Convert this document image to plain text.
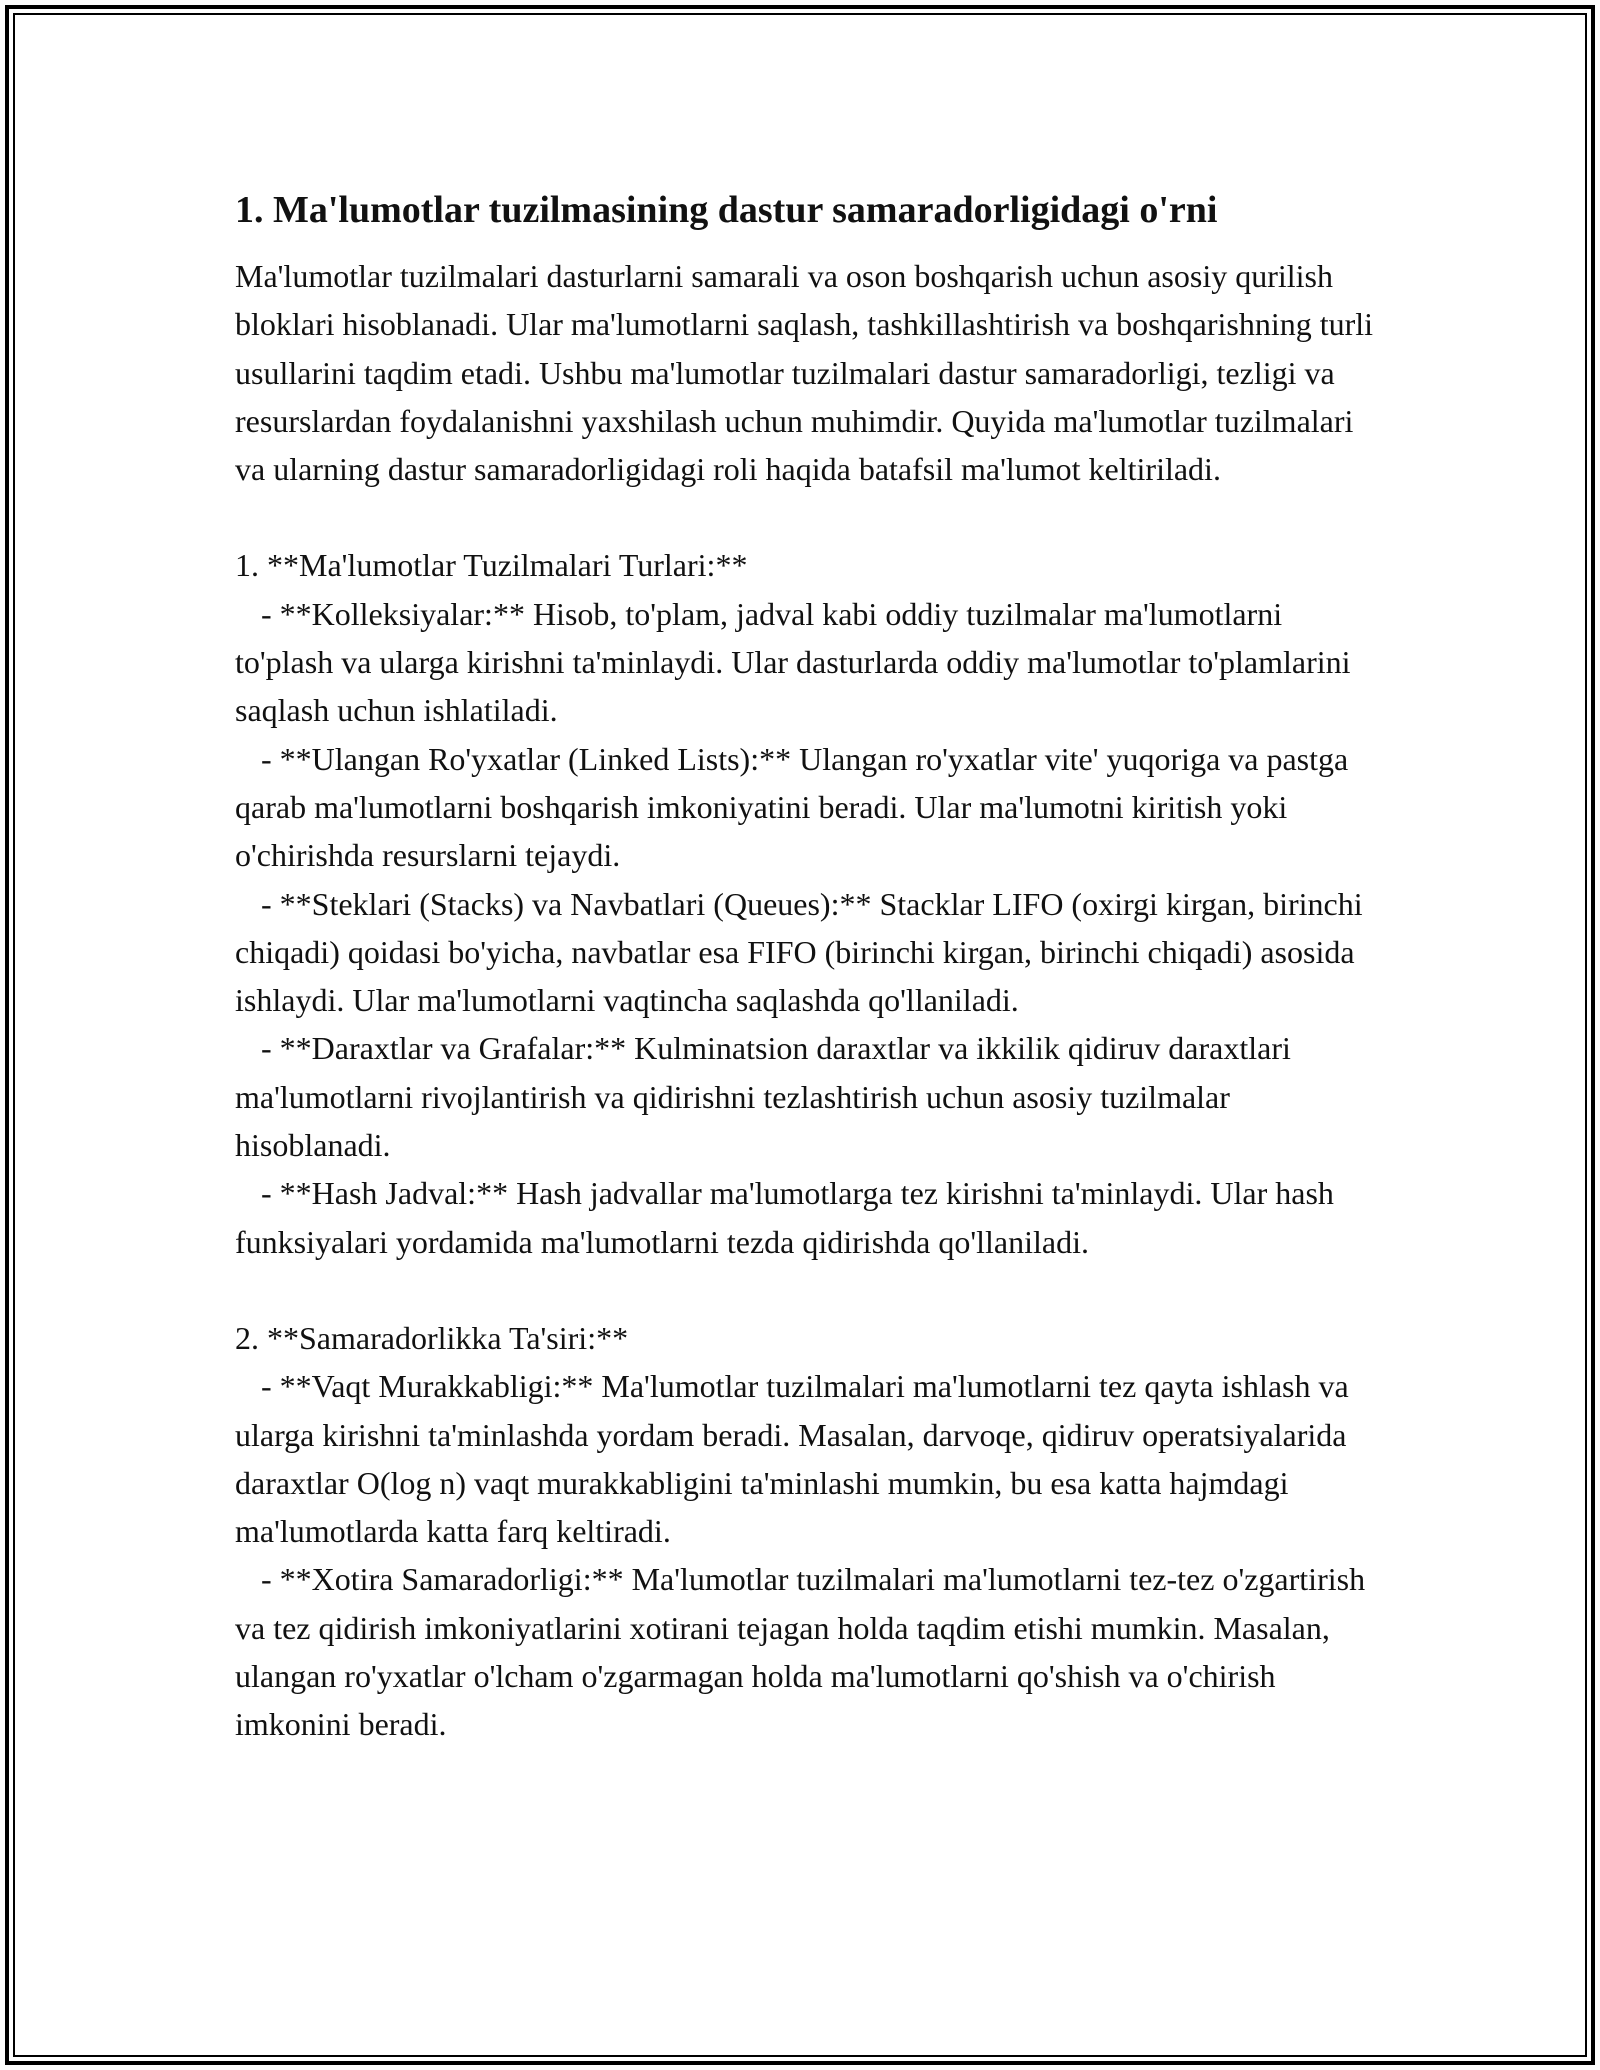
1. Ma'lumotlar tuzilmasining dastur samaradorligidagi o'rni

Ma'lumotlar tuzilmalari dasturlarni samarali va oson boshqarish uchun asosiy qurilish bloklari hisoblanadi. Ular ma'lumotlarni saqlash, tashkillashtirish va boshqarishning turli usullarini taqdim etadi. Ushbu ma'lumotlar tuzilmalari dastur samaradorligi, tezligi va resurslardan foydalanishni yaxshilash uchun muhimdir. Quyida ma'lumotlar tuzilmalari va ularning dastur samaradorligidagi roli haqida batafsil ma'lumot keltiriladi.

1. **Ma'lumotlar Tuzilmalari Turlari:**

- **Kolleksiyalar:** Hisob, to'plam, jadval kabi oddiy tuzilmalar ma'lumotlarni to'plash va ularga kirishni ta'minlaydi. Ular dasturlarda oddiy ma'lumotlar to'plamlarini saqlash uchun ishlatiladi.

- **Ulangan Ro'yxatlar (Linked Lists):** Ulangan ro'yxatlar vite' yuqoriga va pastga qarab ma'lumotlarni boshqarish imkoniyatini beradi. Ular ma'lumotni kiritish yoki o'chirishda resurslarni tejaydi.

- **Steklari (Stacks) va Navbatlari (Queues):** Stacklar LIFO (oxirgi kirgan, birinchi chiqadi) qoidasi bo'yicha, navbatlar esa FIFO (birinchi kirgan, birinchi chiqadi) asosida ishlaydi. Ular ma'lumotlarni vaqtincha saqlashda qo'llaniladi.

- **Daraxtlar va Grafalar:** Kulminatsion daraxtlar va ikkilik qidiruv daraxtlari ma'lumotlarni rivojlantirish va qidirishni tezlashtirish uchun asosiy tuzilmalar hisoblanadi.

- **Hash Jadval:** Hash jadvallar ma'lumotlarga tez kirishni ta'minlaydi. Ular hash funksiyalari yordamida ma'lumotlarni tezda qidirishda qo'llaniladi.

2. **Samaradorlikka Ta'siri:**

- **Vaqt Murakkabligi:** Ma'lumotlar tuzilmalari ma'lumotlarni tez qayta ishlash va ularga kirishni ta'minlashda yordam beradi. Masalan, darvoqe, qidiruv operatsiyalarida daraxtlar O(log n) vaqt murakkabligini ta'minlashi mumkin, bu esa katta hajmdagi ma'lumotlarda katta farq keltiradi.

- **Xotira Samaradorligi:** Ma'lumotlar tuzilmalari ma'lumotlarni tez-tez o'zgartirish va tez qidirish imkoniyatlarini xotirani tejagan holda taqdim etishi mumkin. Masalan, ulangan ro'yxatlar o'lcham o'zgarmagan holda ma'lumotlarni qo'shish va o'chirish imkonini beradi.
